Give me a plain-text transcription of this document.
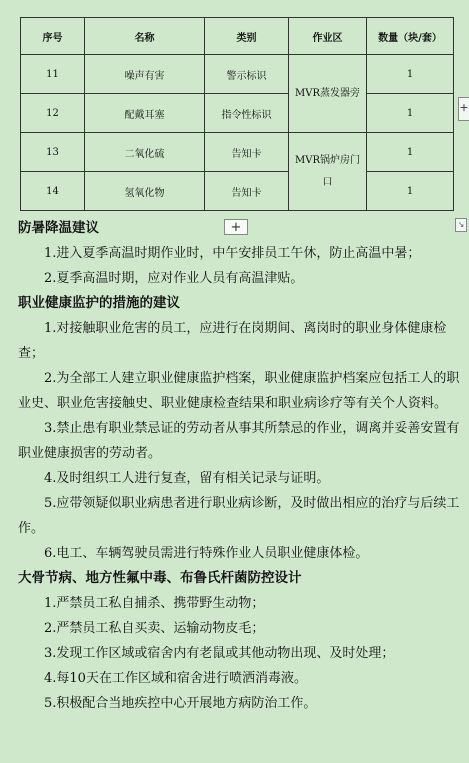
序号	名称	类别	作业区	数量（块/套）
11	噪声有害	警示标识	MVR蒸发器旁	1
12	配戴耳塞	指令性标识		1
13	二氧化硫	告知卡	MVR锅炉房门口	1
14	氢氧化物	告知卡		1
+
↘
+

防暑降温建议

1.进入夏季高温时期作业时，中午安排员工午休，防止高温中暑；

2.夏季高温时期，应对作业人员有高温津贴。

职业健康监护的措施的建议

1.对接触职业危害的员工，应进行在岗期间、离岗时的职业身体健康检查；

2.为全部工人建立职业健康监护档案，职业健康监护档案应包括工人的职业史、职业危害接触史、职业健康检查结果和职业病诊疗等有关个人资料。

3.禁止患有职业禁忌证的劳动者从事其所禁忌的作业，调离并妥善安置有职业健康损害的劳动者。

4.及时组织工人进行复查，留有相关记录与证明。

5.应带领疑似职业病患者进行职业病诊断，及时做出相应的治疗与后续工作。

6.电工、车辆驾驶员需进行特殊作业人员职业健康体检。

大骨节病、地方性氟中毒、布鲁氏杆菌防控设计

1.严禁员工私自捕杀、携带野生动物；

2.严禁员工私自买卖、运输动物皮毛；

3.发现工作区域或宿舍内有老鼠或其他动物出现、及时处理；

4.每10天在工作区域和宿舍进行喷洒消毒液。

5.积极配合当地疾控中心开展地方病防治工作。
